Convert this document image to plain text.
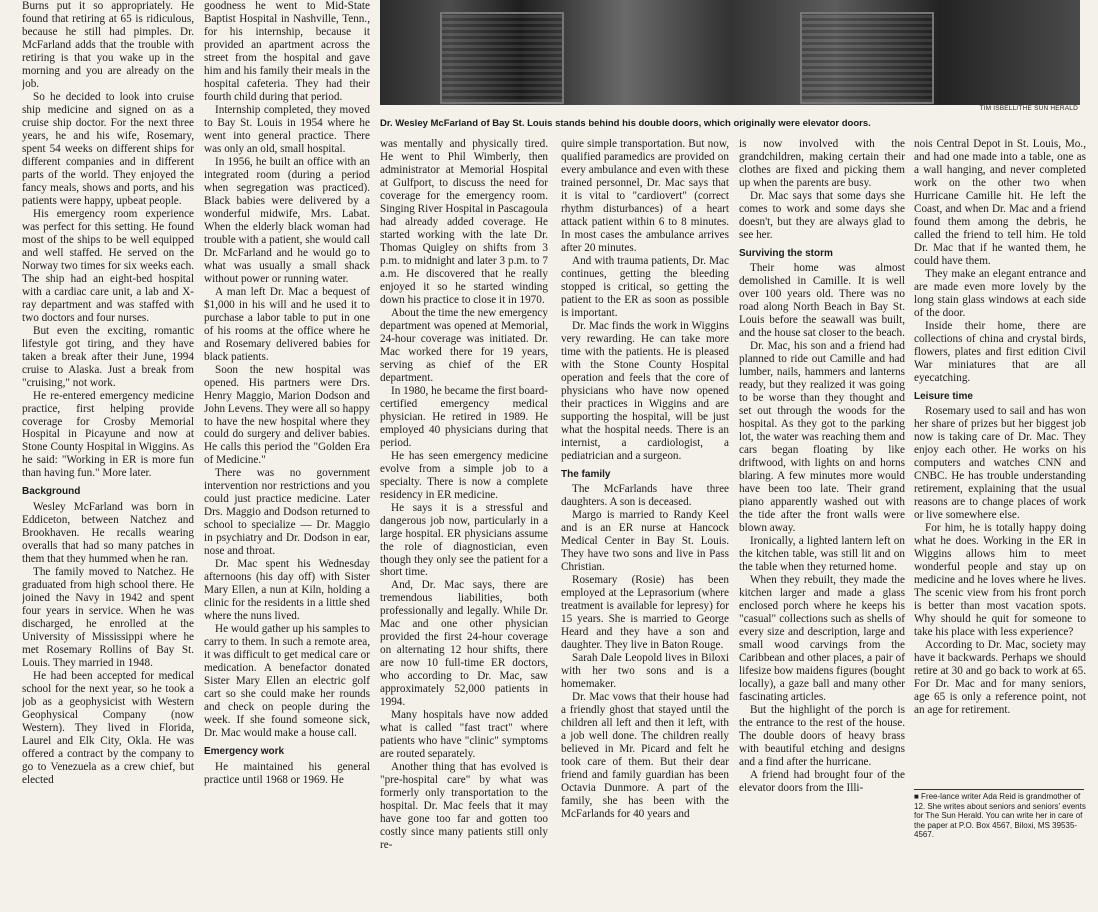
TIM ISBELL/THE SUN HERALD
Dr. Wesley McFarland of Bay St. Louis stands behind his double doors, which originally were elevator doors.

Burns put it so appropriately. He found that retiring at 65 is ridiculous, because he still had pimples. Dr. McFarland adds that the trouble with retiring is that you wake up in the morning and you are already on the job.

So he decided to look into cruise ship medicine and signed on as a cruise ship doctor. For the next three years, he and his wife, Rosemary, spent 54 weeks on different ships for different companies and in different parts of the world. They enjoyed the fancy meals, shows and ports, and his patients were happy, upbeat people.

His emergency room experience was perfect for this setting. He found most of the ships to be well equipped and well staffed. He served on the Norway two times for six weeks each. The ship had an eight-bed hospital with a cardiac care unit, a lab and X-ray department and was staffed with two doctors and four nurses.

But even the exciting, romantic lifestyle got tiring, and they have taken a break after their June, 1994 cruise to Alaska. Just a break from "cruising," not work.

He re-entered emergency medicine practice, first helping provide coverage for Crosby Memorial Hospital in Picayune and now at Stone County Hospital in Wiggins. As he said: "Working in ER is more fun than having fun." More later.

Background

Wesley McFarland was born in Eddiceton, between Natchez and Brookhaven. He recalls wearing overalls that had so many patches in them that they hummed when he ran.

The family moved to Natchez. He graduated from high school there. He joined the Navy in 1942 and spent four years in service. When he was discharged, he enrolled at the University of Mississippi where he met Rosemary Rollins of Bay St. Louis. They married in 1948.

He had been accepted for medical school for the next year, so he took a job as a geophysicist with Western Geophysical Company (now Western). They lived in Florida, Laurel and Elk City, Okla. He was offered a contract by the company to go to Venezuela as a crew chief, but elected

goodness he went to Mid-State Baptist Hospital in Nashville, Tenn., for his internship, because it provided an apartment across the street from the hospital and gave him and his family their meals in the hospital cafeteria. They had their fourth child during that period.

Internship completed, they moved to Bay St. Louis in 1954 where he went into general practice. There was only an old, small hospital.

In 1956, he built an office with an integrated room (during a period when segregation was practiced). Black babies were delivered by a wonderful midwife, Mrs. Labat. When the elderly black woman had trouble with a patient, she would call Dr. McFarland and he would go to what was usually a small shack without power or running water.

A man left Dr. Mac a bequest of $1,000 in his will and he used it to purchase a labor table to put in one of his rooms at the office where he and Rosemary delivered babies for black patients.

Soon the new hospital was opened. His partners were Drs. Henry Maggio, Marion Dodson and John Levens. They were all so happy to have the new hospital where they could do surgery and deliver babies. He calls this period the "Golden Era of Medicine."

There was no government intervention nor restrictions and you could just practice medicine. Later Drs. Maggio and Dodson returned to school to specialize — Dr. Maggio in psychiatry and Dr. Dodson in ear, nose and throat.

Dr. Mac spent his Wednesday afternoons (his day off) with Sister Mary Ellen, a nun at Kiln, holding a clinic for the residents in a little shed where the nuns lived.

He would gather up his samples to carry to them. In such a remote area, it was difficult to get medical care or medication. A benefactor donated Sister Mary Ellen an electric golf cart so she could make her rounds and check on people during the week. If she found someone sick, Dr. Mac would make a house call.

Emergency work

He maintained his general practice until 1968 or 1969. He

was mentally and physically tired. He went to Phil Wimberly, then administrator at Memorial Hospital at Gulfport, to discuss the need for coverage for the emergency room. Singing River Hospital in Pascagoula had already added coverage. He started working with the late Dr. Thomas Quigley on shifts from 3 p.m. to midnight and later 3 p.m. to 7 a.m. He discovered that he really enjoyed it so he started winding down his practice to close it in 1970.

About the time the new emergency department was opened at Memorial, 24-hour coverage was initiated. Dr. Mac worked there for 19 years, serving as chief of the ER department.

In 1980, he became the first board-certified emergency medical physician. He retired in 1989. He employed 40 physicians during that period.

He has seen emergency medicine evolve from a simple job to a specialty. There is now a complete residency in ER medicine.

He says it is a stressful and dangerous job now, particularly in a large hospital. ER physicians assume the role of diagnostician, even though they only see the patient for a short time.

And, Dr. Mac says, there are tremendous liabilities, both professionally and legally. While Dr. Mac and one other physician provided the first 24-hour coverage on alternating 12 hour shifts, there are now 10 full-time ER doctors, who according to Dr. Mac, saw approximately 52,000 patients in 1994.

Many hospitals have now added what is called "fast tract" where patients who have "clinic" symptoms are routed separately.

Another thing that has evolved is "pre-hospital care" by what was formerly only transportation to the hospital. Dr. Mac feels that it may have gone too far and gotten too costly since many patients still only re-

quire simple transportation. But now, qualified paramedics are provided on every ambulance and even with these trained personnel, Dr. Mac says that it is vital to "cardiovert" (correct rhythm disturbances) of a heart attack patient within 6 to 8 minutes. In most cases the ambulance arrives after 20 minutes.

And with trauma patients, Dr. Mac continues, getting the bleeding stopped is critical, so getting the patient to the ER as soon as possible is important.

Dr. Mac finds the work in Wiggins very rewarding. He can take more time with the patients. He is pleased with the Stone County Hospital operation and feels that the core of physicians who have now opened their practices in Wiggins and are supporting the hospital, will be just what the hospital needs. There is an internist, a cardiologist, a pediatrician and a surgeon.

The family

The McFarlands have three daughters. A son is deceased.

Margo is married to Randy Keel and is an ER nurse at Hancock Medical Center in Bay St. Louis. They have two sons and live in Pass Christian.

Rosemary (Rosie) has been employed at the Leprasorium (where treatment is available for lepresy) for 15 years. She is married to George Heard and they have a son and daughter. They live in Baton Rouge.

Sarah Dale Leopold lives in Biloxi with her two sons and is a homemaker.

Dr. Mac vows that their house had a friendly ghost that stayed until the children all left and then it left, with a job well done. The children really believed in Mr. Picard and felt he took care of them. But their dear friend and family guardian has been Octavia Dunmore. A part of the family, she has been with the McFarlands for 40 years and

is now involved with the grandchildren, making certain their clothes are fixed and picking them up when the parents are busy.

Dr. Mac says that some days she comes to work and some days she doesn't, but they are always glad to see her.

Surviving the storm

Their home was almost demolished in Camille. It is well over 100 years old. There was no road along North Beach in Bay St. Louis before the seawall was built, and the house sat closer to the beach.

Dr. Mac, his son and a friend had planned to ride out Camille and had lumber, nails, hammers and lanterns ready, but they realized it was going to be worse than they thought and set out through the woods for the hospital. As they got to the parking lot, the water was reaching them and cars began floating by like driftwood, with lights on and horns blaring. A few minutes more would have been too late. Their grand piano apparently washed out with the tide after the front walls were blown away.

Ironically, a lighted lantern left on the kitchen table, was still lit and on the table when they returned home.

When they rebuilt, they made the kitchen larger and made a glass enclosed porch where he keeps his "casual" collections such as shells of every size and description, large and small wood carvings from the Caribbean and other places, a pair of lifesize bow maidens figures (bought locally), a gaze ball and many other fascinating articles.

But the highlight of the porch is the entrance to the rest of the house. The double doors of heavy brass with beautiful etching and designs and a find after the hurricane.

A friend had brought four of the elevator doors from the Illi-

nois Central Depot in St. Louis, Mo., and had one made into a table, one as a wall hanging, and never completed work on the other two when Hurricane Camille hit. He left the Coast, and when Dr. Mac and a friend found them among the debris, he called the friend to tell him. He told Dr. Mac that if he wanted them, he could have them.

They make an elegant entrance and are made even more lovely by the long stain glass windows at each side of the door.

Inside their home, there are collections of china and crystal birds, flowers, plates and first edition Civil War miniatures that are all eyecatching.

Leisure time

Rosemary used to sail and has won her share of prizes but her biggest job now is taking care of Dr. Mac. They enjoy each other. He works on his computers and watches CNN and CNBC. He has trouble understanding retirement, explaining that the usual reasons are to change places of work or live somewhere else.

For him, he is totally happy doing what he does. Working in the ER in Wiggins allows him to meet wonderful people and stay up on medicine and he loves where he lives. The scenic view from his front porch is better than most vacation spots. Why should he quit for someone to take his place with less experience?

According to Dr. Mac, society may have it backwards. Perhaps we should retire at 30 and go back to work at 65. For Dr. Mac and for many seniors, age 65 is only a reference point, not an age for retirement.

■ Free-lance writer Ada Reid is grandmother of 12. She writes about seniors and seniors' events for The Sun Herald. You can write her in care of the paper at P.O. Box 4567, Biloxi, MS 39535-4567.
